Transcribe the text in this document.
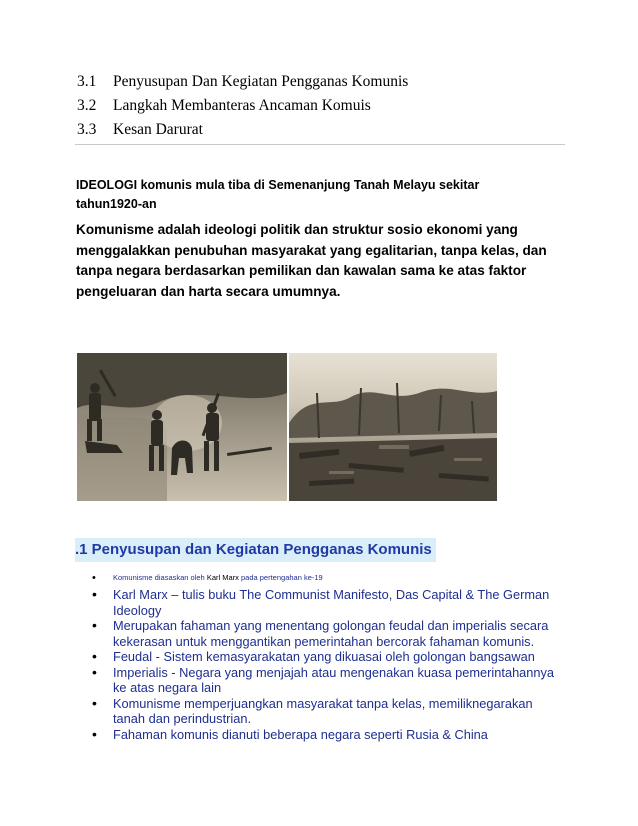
3.1 Penyusupan Dan Kegiatan Pengganas Komunis
3.2 Langkah Membanteras Ancaman Komuis
3.3 Kesan Darurat
IDEOLOGI komunis mula tiba di Semenanjung Tanah Melayu sekitar tahun1920-an
Komunisme adalah ideologi politik dan struktur sosio ekonomi yang menggalakkan penubuhan masyarakat yang egalitarian, tanpa kelas, dan tanpa negara berdasarkan pemilikan dan kawalan sama ke atas faktor pengeluaran dan harta secara umumnya.
.1 Penyusupan dan Kegiatan Pengganas Komunis
• Komunisme diasaskan oleh Karl Marx pada pertengahan ke-19
• Karl Marx – tulis buku The Communist Manifesto, Das Capital & The German Ideology
• Merupakan fahaman yang menentang golongan feudal dan imperialis secara kekerasan untuk menggantikan pemerintahan bercorak fahaman komunis.
• Feudal - Sistem kemasyarakatan yang dikuasai oleh golongan bangsawan
• Imperialis - Negara yang menjajah atau mengenakan kuasa pemerintahannya ke atas negara lain
• Komunisme memperjuangkan masyarakat tanpa kelas, memiliknegarakan tanah dan perindustrian.
• Fahaman komunis dianuti beberapa negara seperti Rusia & China
